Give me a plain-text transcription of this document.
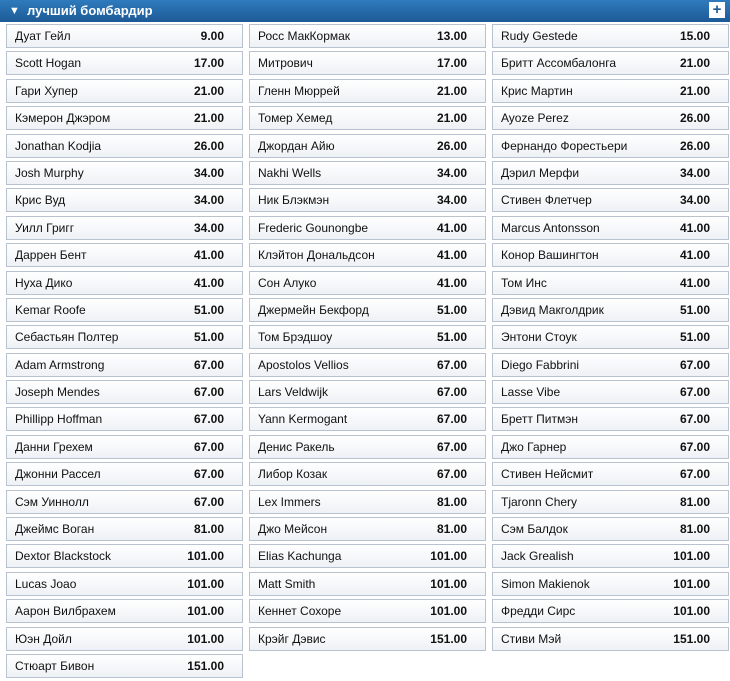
▼ лучший бомбардир	+
Дуат Гейл	9.00
Scott Hogan	17.00
Гари Хупер	21.00
Кэмерон Джэром	21.00
Jonathan Kodjia	26.00
Josh Murphy	34.00
Крис Вуд	34.00
Уилл Григг	34.00
Даррен Бент	41.00
Нуха Дико	41.00
Kemar Roofe	51.00
Себастьян Полтер	51.00
Adam Armstrong	67.00
Joseph Mendes	67.00
Phillipp Hoffman	67.00
Данни Грехем	67.00
Джонни Рассел	67.00
Сэм Уиннолл	67.00
Джеймс Воган	81.00
Dextor Blackstock	101.00
Lucas Joao	101.00
Аарон Вилбрахем	101.00
Юэн Дойл	101.00
Стюарт Бивон	151.00
Росс МакКормак	13.00
Митрович	17.00
Гленн Мюррей	21.00
Томер Хемед	21.00
Джордан Айю	26.00
Nakhi Wells	34.00
Ник Блэкмэн	34.00
Frederic Gounongbe	41.00
Клэйтон Дональдсон	41.00
Сон Алуко	41.00
Джермейн Бекфорд	51.00
Том Брэдшоу	51.00
Apostolos Vellios	67.00
Lars Veldwijk	67.00
Yann Kermogant	67.00
Денис Ракель	67.00
Либор Козак	67.00
Lex Immers	81.00
Джо Мейсон	81.00
Elias Kachunga	101.00
Matt Smith	101.00
Кеннет Сохоре	101.00
Крэйг Дэвис	151.00
Rudy Gestede	15.00
Бритт Ассомбалонга	21.00
Крис Мартин	21.00
Ayoze Perez	26.00
Фернандо Форестьери	26.00
Дэрил Мерфи	34.00
Стивен Флетчер	34.00
Marcus Antonsson	41.00
Конор Вашингтон	41.00
Том Инс	41.00
Дэвид Макголдрик	51.00
Энтони Стоук	51.00
Diego Fabbrini	67.00
Lasse Vibe	67.00
Бретт Питмэн	67.00
Джо Гарнер	67.00
Стивен Нейсмит	67.00
Tjaronn Chery	81.00
Сэм Балдок	81.00
Jack Grealish	101.00
Simon Makienok	101.00
Фредди Сирс	101.00
Стиви Мэй	151.00
